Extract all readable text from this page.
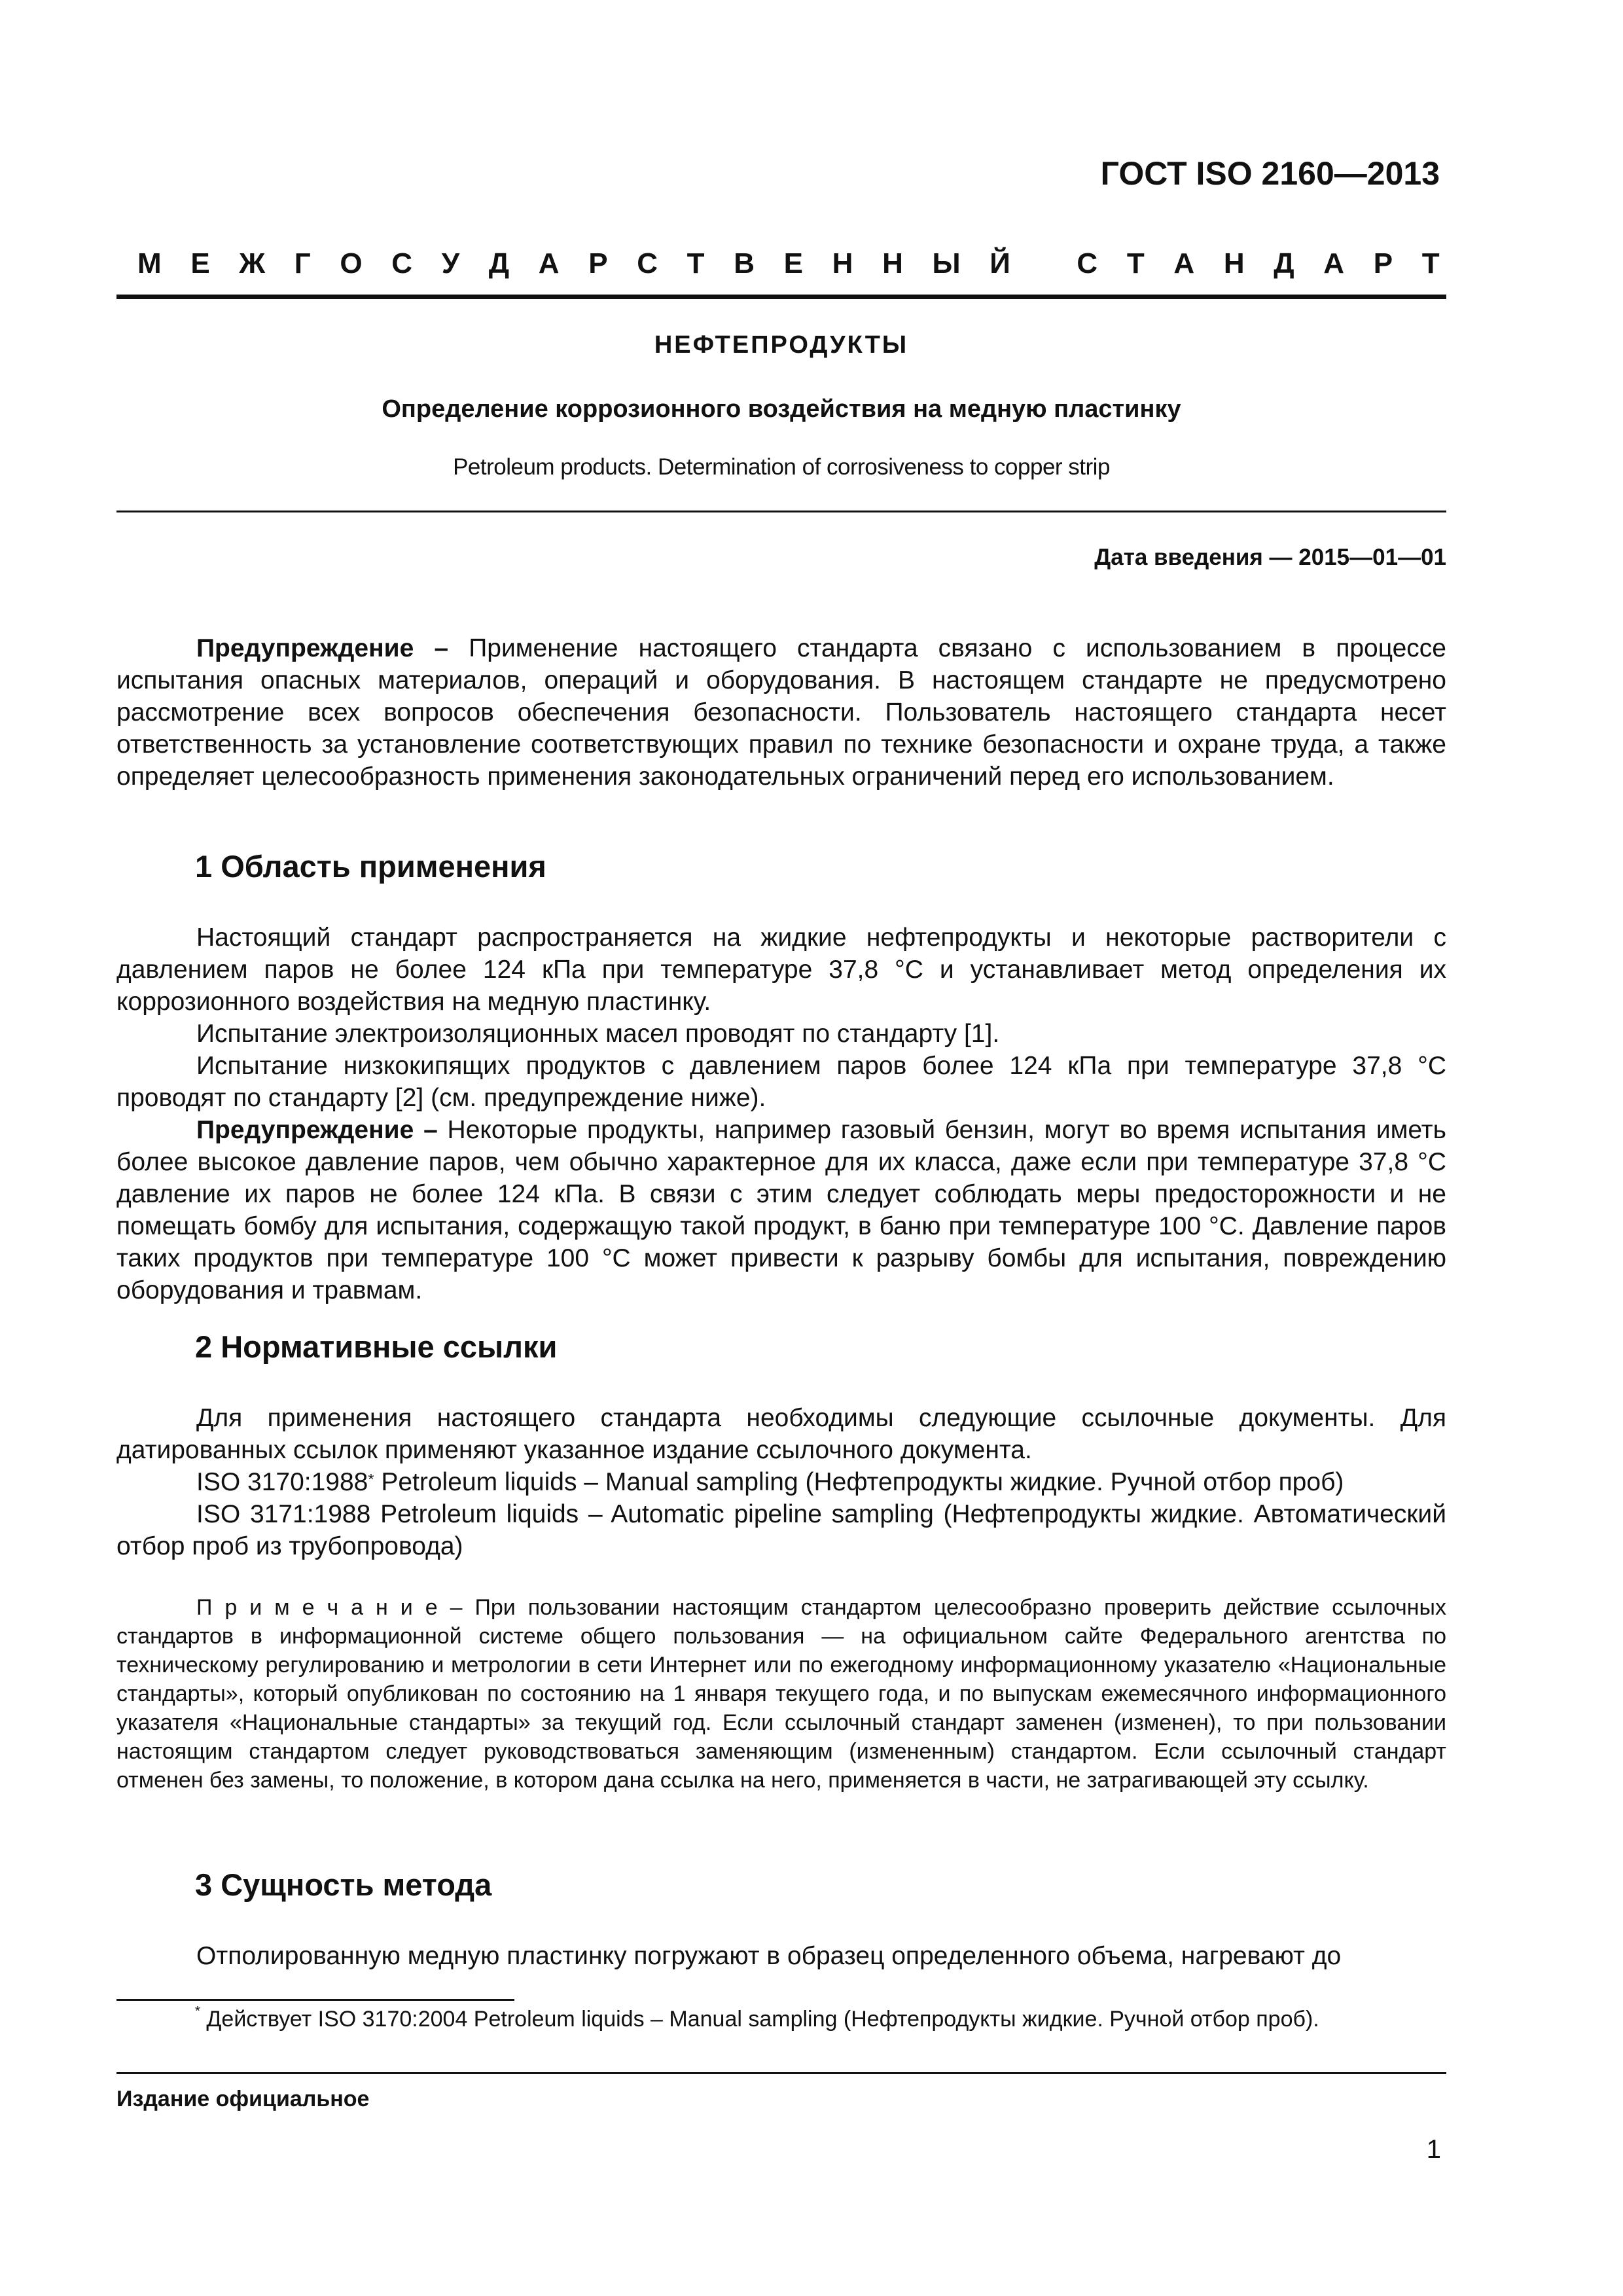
ГОСТ ISO 2160—2013
М Е Ж Г О С У Д А Р С Т В Е Н Н Ы Й
С Т А Н Д А Р Т
НЕФТЕПРОДУКТЫ
Определение коррозионного воздействия на медную пластинку
Petroleum products. Determination of corrosiveness to copper strip
Дата введения — 2015—01—01
Предупреждение – Применение настоящего стандарта связано с использованием в процессе испытания опасных материалов, операций и оборудования. В настоящем стандарте не предусмотрено рассмотрение всех вопросов обеспечения безопасности. Пользователь настоящего стандарта несет ответственность за установление соответствующих правил по технике безопасности и охране труда, а также определяет целесообразность применения законодательных ограничений перед его использованием.
1 Область применения
Настоящий стандарт распространяется на жидкие нефтепродукты и некоторые растворители с давлением паров не более 124 кПа при температуре 37,8 °С и устанавливает метод определения их коррозионного воздействия на медную пластинку.
Испытание электроизоляционных масел проводят по стандарту [1].
Испытание низкокипящих продуктов с давлением паров более 124 кПа при температуре 37,8 °С проводят по стандарту [2] (см. предупреждение ниже).
Предупреждение – Некоторые продукты, например газовый бензин, могут во время испытания иметь более высокое давление паров, чем обычно характерное для их класса, даже если при температуре 37,8 °С давление их паров не более 124 кПа. В связи с этим следует соблюдать меры предосторожности и не помещать бомбу для испытания, содержащую такой продукт, в баню при температуре 100 °С. Давление паров таких продуктов при температуре 100 °С может привести к разрыву бомбы для испытания, повреждению оборудования и травмам.
2 Нормативные ссылки
Для применения настоящего стандарта необходимы следующие ссылочные документы. Для датированных ссылок применяют указанное издание ссылочного документа.
ISO 3170:1988* Petroleum liquids – Manual sampling (Нефтепродукты жидкие. Ручной отбор проб)
ISO 3171:1988 Petroleum liquids – Automatic pipeline sampling (Нефтепродукты жидкие. Автоматический отбор проб из трубопровода)
П р и м е ч а н и е – При пользовании настоящим стандартом целесообразно проверить действие ссылочных стандартов в информационной системе общего пользования — на официальном сайте Федерального агентства по техническому регулированию и метрологии в сети Интернет или по ежегодному информационному указателю «Национальные стандарты», который опубликован по состоянию на 1 января текущего года, и по выпускам ежемесячного информационного указателя «Национальные стандарты» за текущий год. Если ссылочный стандарт заменен (изменен), то при пользовании настоящим стандартом следует руководствоваться заменяющим (измененным) стандартом. Если ссылочный стандарт отменен без замены, то положение, в котором дана ссылка на него, применяется в части, не затрагивающей эту ссылку.
3 Сущность метода
Отполированную медную пластинку погружают в образец определенного объема, нагревают до
* Действует ISO 3170:2004 Petroleum liquids – Manual sampling (Нефтепродукты жидкие. Ручной отбор проб).
Издание официальное
1
